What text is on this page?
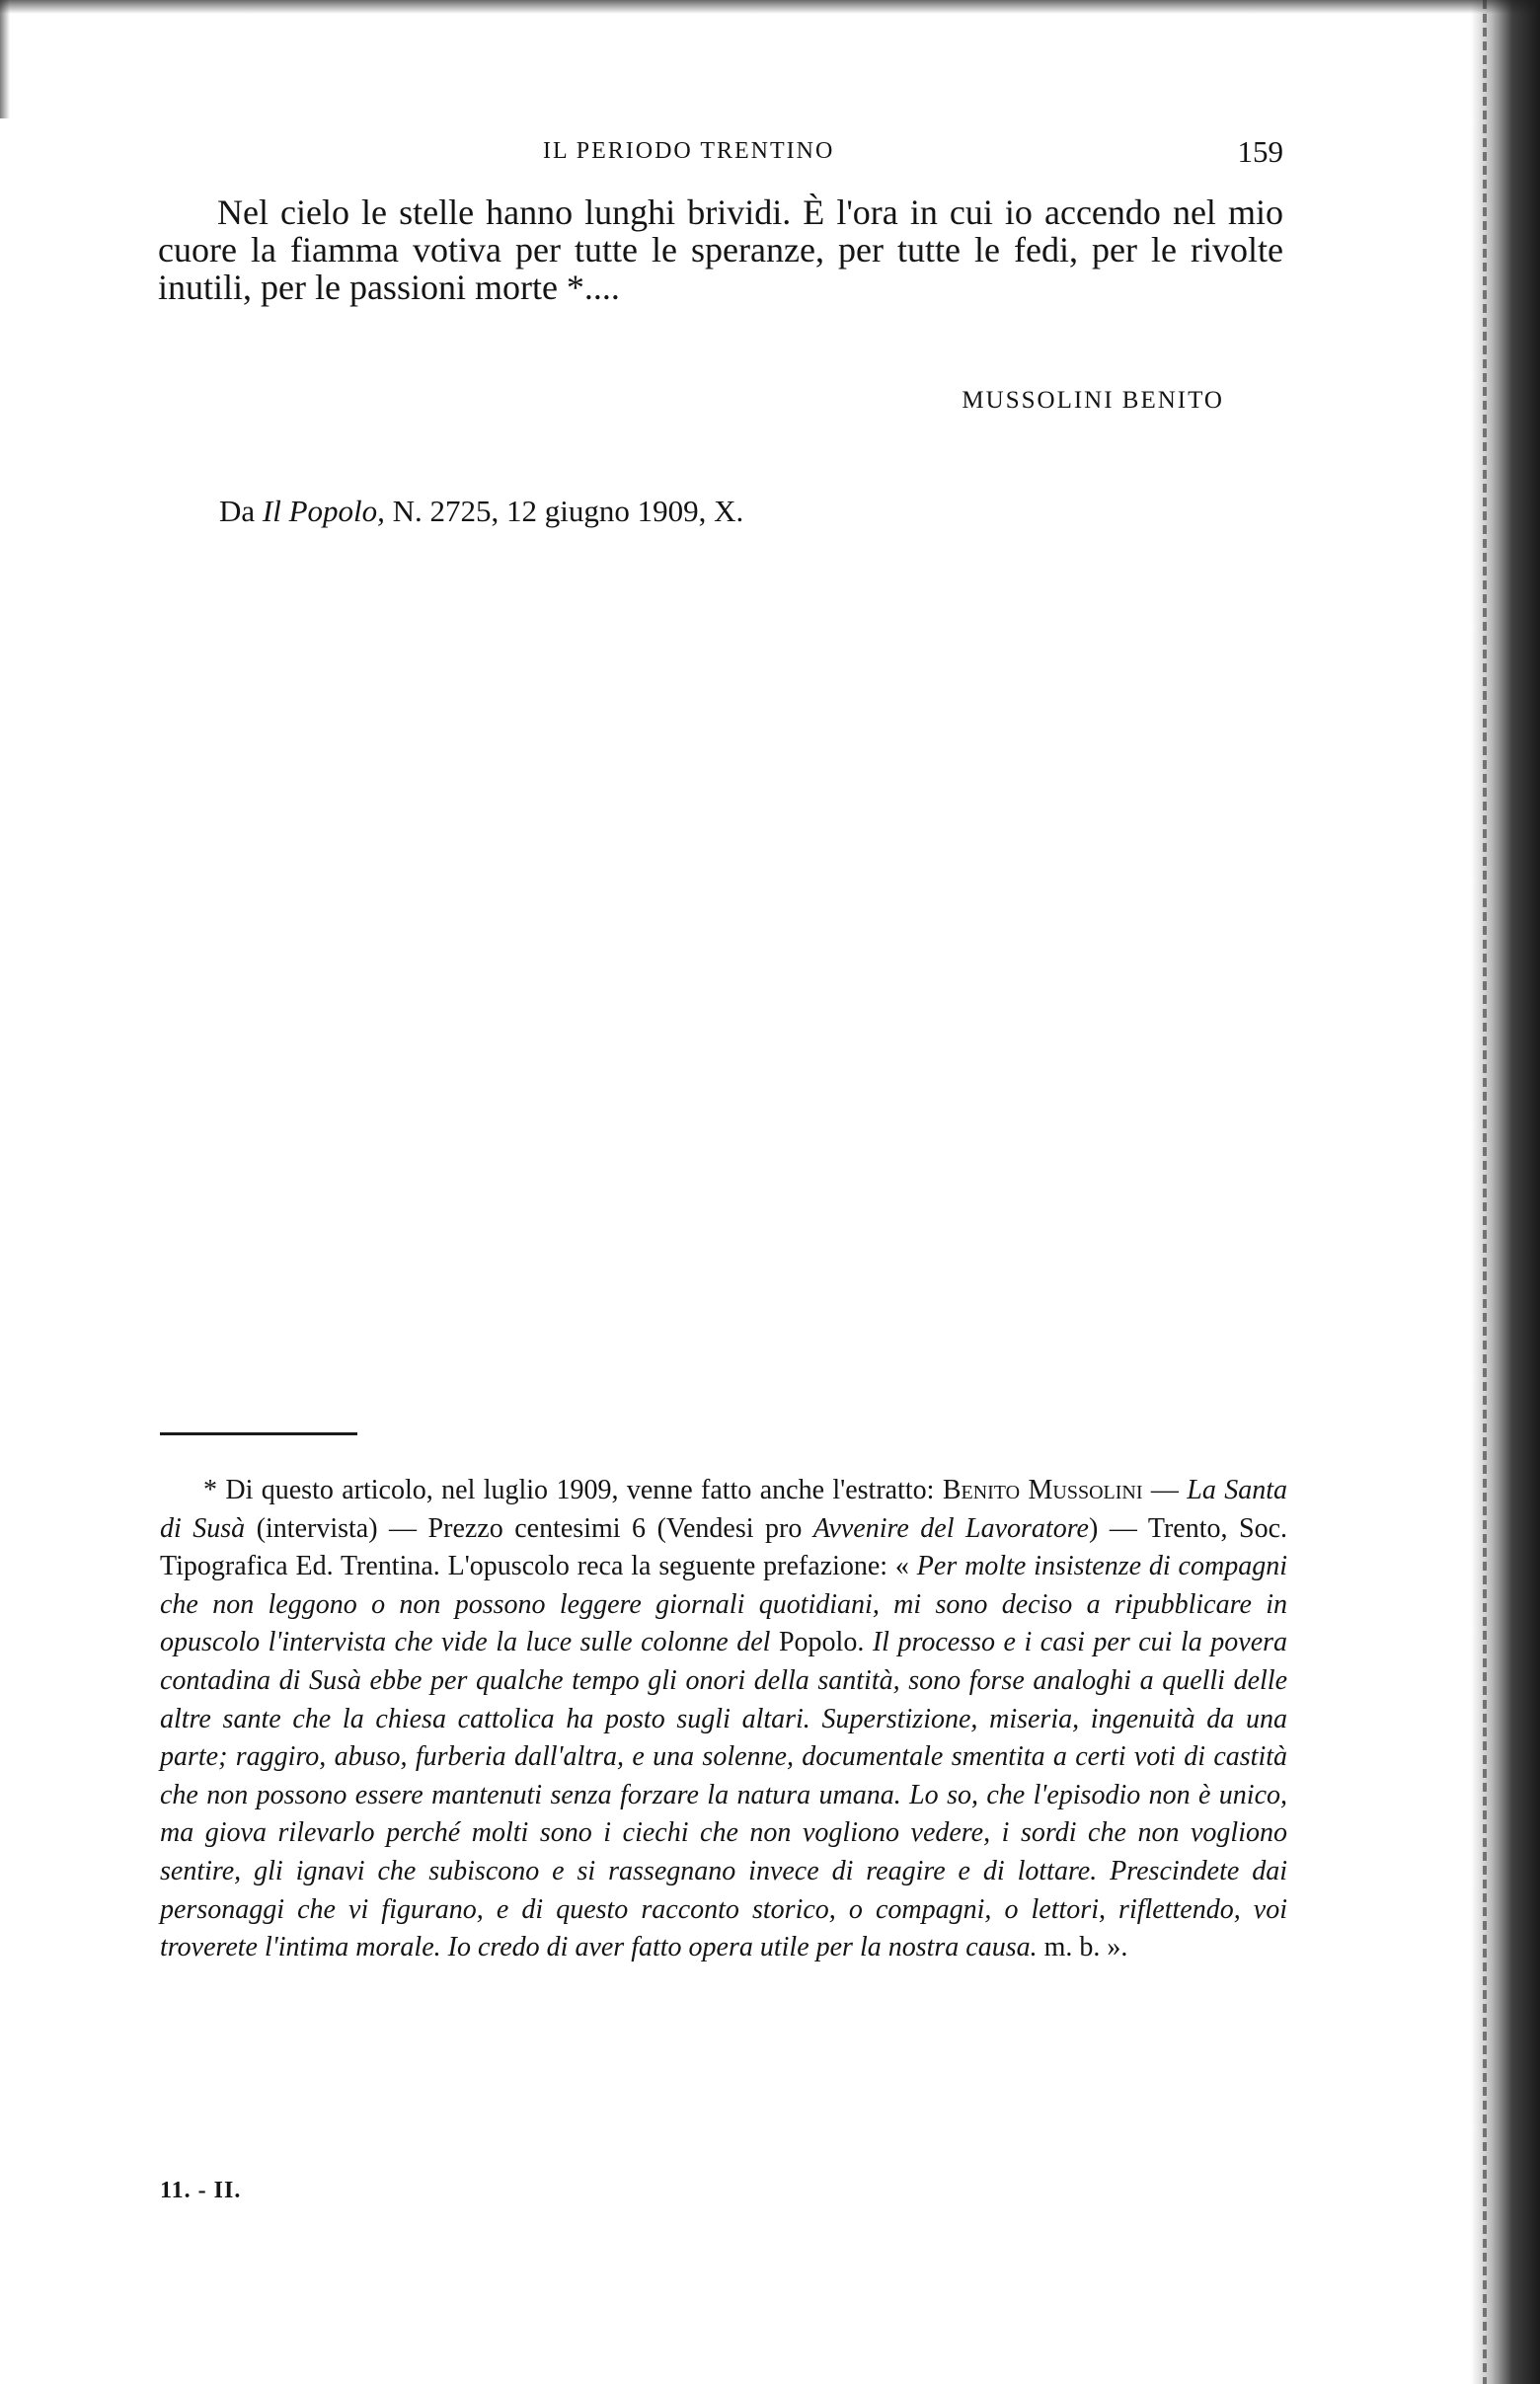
IL PERIODO TRENTINO	159

Nel cielo le stelle hanno lunghi brividi. È l'ora in cui io accendo nel mio cuore la fiamma votiva per tutte le speranze, per tutte le fedi, per le rivolte inutili, per le passioni morte *....

MUSSOLINI BENITO
Da Il Popolo, N. 2725, 12 giugno 1909, X.

* Di questo articolo, nel luglio 1909, venne fatto anche l'estratto: Benito Mussolini — La Santa di Susà (intervista) — Prezzo centesimi 6 (Vendesi pro Avvenire del Lavoratore) — Trento, Soc. Tipografica Ed. Trentina. L'opuscolo reca la seguente prefazione: « Per molte insistenze di compagni che non leggono o non possono leggere giornali quotidiani, mi sono deciso a ripubblicare in opuscolo l'intervista che vide la luce sulle colonne del Popolo. Il processo e i casi per cui la povera contadina di Susà ebbe per qualche tempo gli onori della santità, sono forse analoghi a quelli delle altre sante che la chiesa cattolica ha posto sugli altari. Superstizione, miseria, ingenuità da una parte; raggiro, abuso, furberia dall'altra, e una solenne, documentale smentita a certi voti di castità che non possono essere mantenuti senza forzare la natura umana. Lo so, che l'episodio non è unico, ma giova rilevarlo perché molti sono i ciechi che non vogliono vedere, i sordi che non vogliono sentire, gli ignavi che subiscono e si rassegnano invece di reagire e di lottare. Prescindete dai personaggi che vi figurano, e di questo racconto storico, o compagni, o lettori, riflettendo, voi troverete l'intima morale. Io credo di aver fatto opera utile per la nostra causa. m. b. ».

11. - II.
